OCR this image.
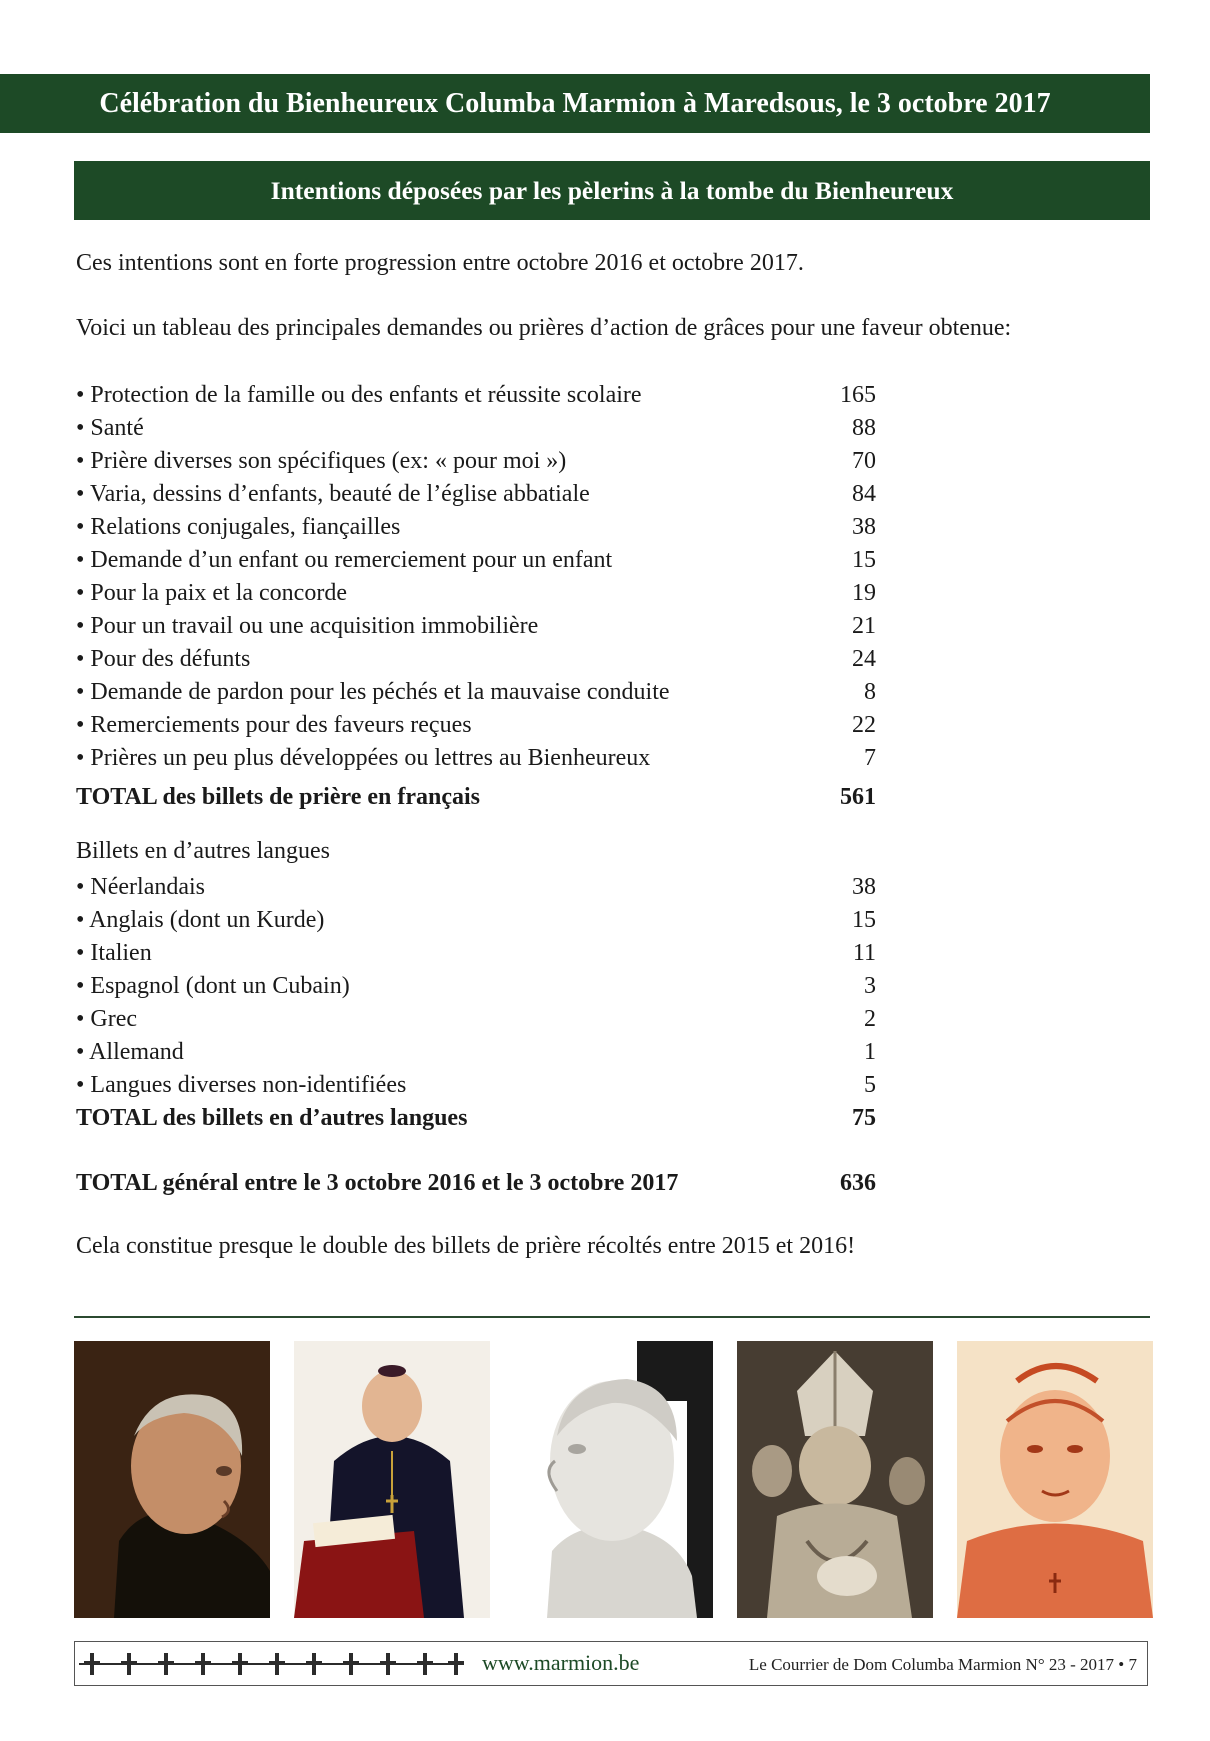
Célébration du Bienheureux Columba Marmion à Maredsous, le 3 octobre 2017
Intentions déposées par les pèlerins à la tombe du Bienheureux
Ces intentions sont en forte progression entre octobre 2016 et octobre 2017.
Voici un tableau des principales demandes ou prières d’action de grâces pour une faveur obtenue:
• Protection de la famille ou des enfants et réussite scolaire	165
• Santé	88
• Prière diverses son spécifiques (ex: « pour moi »)	70
• Varia, dessins d’enfants, beauté de l’église abbatiale	84
• Relations conjugales, fiançailles	38
• Demande d’un enfant ou remerciement pour un enfant	15
• Pour la paix et la concorde	19
• Pour un travail ou une acquisition immobilière	21
• Pour des défunts	24
• Demande de pardon pour les péchés et la mauvaise conduite	8
• Remerciements pour des faveurs reçues	22
• Prières un peu plus développées ou lettres au Bienheureux	7
TOTAL des billets de prière en français	561
Billets en d’autres langues
• Néerlandais	38
• Anglais (dont un Kurde)	15
• Italien	11
• Espagnol (dont un Cubain)	3
• Grec	2
• Allemand	1
• Langues diverses non-identifiées	5
TOTAL des billets en d’autres langues	75
TOTAL général entre le 3 octobre 2016 et le 3 octobre 2017	636
Cela constitue presque le double des billets de prière récoltés entre 2015 et 2016!
www.marmion.be	Le Courrier de Dom Columba Marmion N° 23 - 2017 • 7
